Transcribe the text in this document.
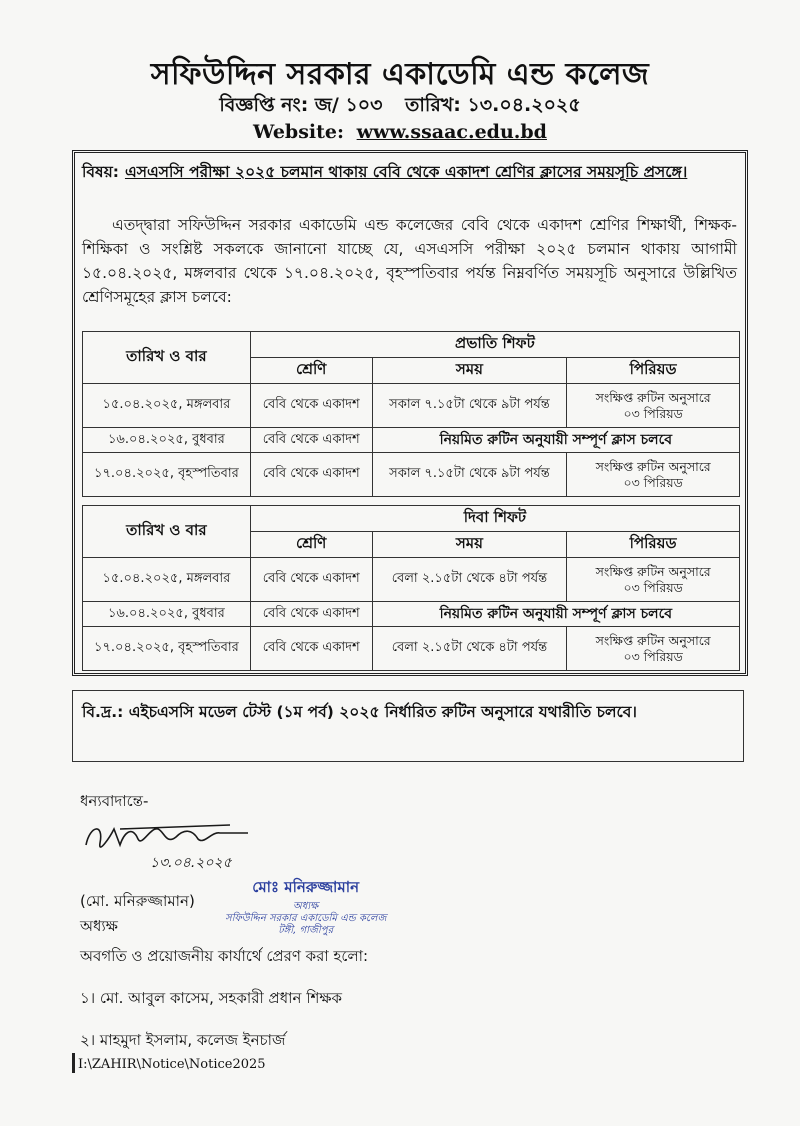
সফিউদ্দিন সরকার একাডেমি এন্ড কলেজ
বিজ্ঞপ্তি নং: জ/ ১০৩ তারিখ: ১৩.০৪.২০২৫
Website: www.ssaac.edu.bd
বিষয়: এসএসসি পরীক্ষা ২০২৫ চলমান থাকায় বেবি থেকে একাদশ শ্রেণির ক্লাসের সময়সূচি প্রসঙ্গে।
এতদ্দ্বারা সফিউদ্দিন সরকার একাডেমি এন্ড কলেজের বেবি থেকে একাদশ শ্রেণির শিক্ষার্থী, শিক্ষক-শিক্ষিকা ও সংশ্লিষ্ট সকলকে জানানো যাচ্ছে যে, এসএসসি পরীক্ষা ২০২৫ চলমান থাকায় আগামী ১৫.০৪.২০২৫, মঙ্গলবার থেকে ১৭.০৪.২০২৫, বৃহস্পতিবার পর্যন্ত নিম্নবর্ণিত সময়সূচি অনুসারে উল্লিখিত শ্রেণিসমূহের ক্লাস চলবে:
তারিখ ও বার	প্রভাতি শিফট		
	শ্রেণি	সময়	পিরিয়ড
১৫.০৪.২০২৫, মঙ্গলবার	বেবি থেকে একাদশ	সকাল ৭.১৫টা থেকে ৯টা পর্যন্ত	সংক্ষিপ্ত রুটিন অনুসারে
০৩ পিরিয়ড

১৬.০৪.২০২৫, বুধবার	বেবি থেকে একাদশ	নিয়মিত রুটিন অনুযায়ী সম্পূর্ণ ক্লাস চলবে	
১৭.০৪.২০২৫, বৃহস্পতিবার	বেবি থেকে একাদশ	সকাল ৭.১৫টা থেকে ৯টা পর্যন্ত	সংক্ষিপ্ত রুটিন অনুসারে
০৩ পিরিয়ড
তারিখ ও বার	দিবা শিফট		
	শ্রেণি	সময়	পিরিয়ড
১৫.০৪.২০২৫, মঙ্গলবার	বেবি থেকে একাদশ	বেলা ২.১৫টা থেকে ৪টা পর্যন্ত	সংক্ষিপ্ত রুটিন অনুসারে
০৩ পিরিয়ড

১৬.০৪.২০২৫, বুধবার	বেবি থেকে একাদশ	নিয়মিত রুটিন অনুযায়ী সম্পূর্ণ ক্লাস চলবে	
১৭.০৪.২০২৫, বৃহস্পতিবার	বেবি থেকে একাদশ	বেলা ২.১৫টা থেকে ৪টা পর্যন্ত	সংক্ষিপ্ত রুটিন অনুসারে
০৩ পিরিয়ড
বি.দ্র.: এইচএসসি মডেল টেস্ট (১ম পর্ব) ২০২৫ নির্ধারিত রুটিন অনুসারে যথারীতি চলবে।
ধন্যবাদান্তে-
১৩.০৪.২০২৫
(মো. মনিরুজ্জামান)
অধ্যক্ষ
মোঃ মনিরুজ্জামান
অধ্যক্ষ
সফিউদ্দিন সরকার একাডেমি এন্ড কলেজ
টঙ্গী, গাজীপুর
অবগতি ও প্রয়োজনীয় কার্যার্থে প্রেরণ করা হলো:
১। মো. আবুল কাসেম, সহকারী প্রধান শিক্ষক
২। মাহমুদা ইসলাম, কলেজ ইনচার্জ
I:\ZAHIR\Notice\Notice2025
